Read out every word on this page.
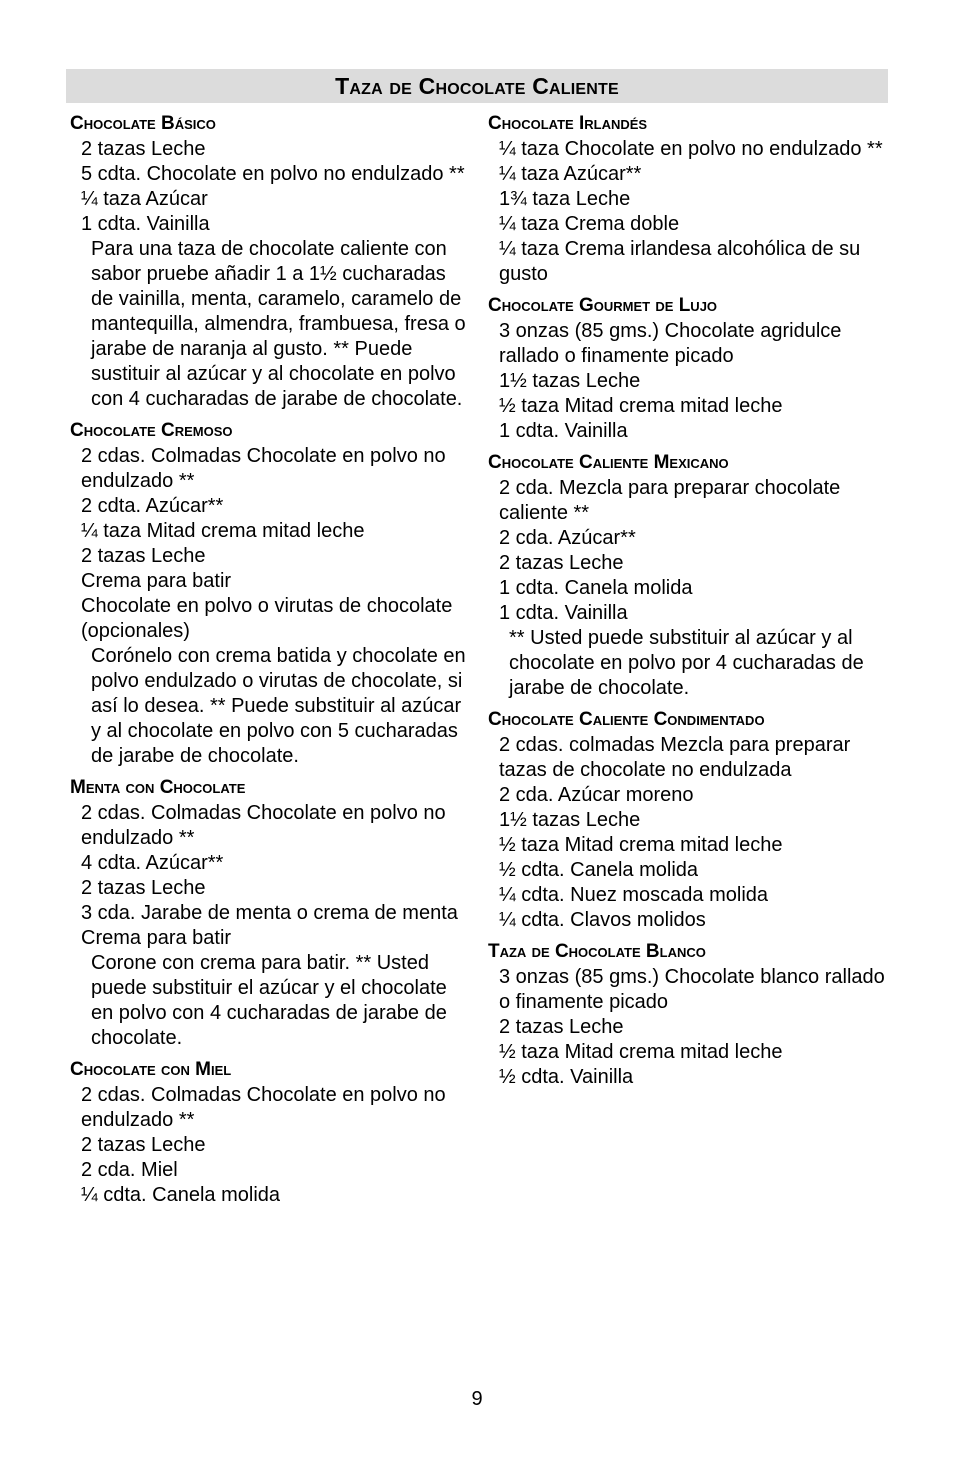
Taza de Chocolate Caliente
Chocolate Básico
2 tazas Leche
5 cdta. Chocolate en polvo no endulzado **
¼ taza Azúcar
1 cdta. Vainilla

Para una taza de chocolate caliente con sabor pruebe añadir 1 a 1½ cucharadas de vainilla, menta, caramelo, caramelo de mantequilla, almendra, frambuesa, fresa o jarabe de naranja al gusto. ** Puede sustituir al azúcar y al chocolate en polvo con 4 cucharadas de jarabe de chocolate.

Chocolate Cremoso
2 cdas. Colmadas Chocolate en polvo no endulzado **
2 cdta. Azúcar**
¼ taza Mitad crema mitad leche
2 tazas Leche
Crema para batir
Chocolate en polvo o virutas de chocolate (opcionales)

Corónelo con crema batida y chocolate en polvo endulzado o virutas de chocolate, si así lo desea. ** Puede substituir al azúcar y al chocolate en polvo con 5 cucharadas de jarabe de chocolate.

Menta con Chocolate
2 cdas. Colmadas Chocolate en polvo no endulzado **
4 cdta. Azúcar**
2 tazas Leche
3 cda. Jarabe de menta o crema de menta
Crema para batir

Corone con crema para batir. ** Usted puede substituir el azúcar y el chocolate en polvo con 4 cucharadas de jarabe de chocolate.

Chocolate con Miel
2 cdas. Colmadas Chocolate en polvo no endulzado **
2 tazas Leche
2 cda. Miel
¼ cdta. Canela molida
Chocolate Irlandés
¼ taza Chocolate en polvo no endulzado **
¼ taza Azúcar**
1¾ taza Leche
¼ taza Crema doble
¼ taza Crema irlandesa alcohólica de su gusto
Chocolate Gourmet de Lujo
3 onzas (85 gms.) Chocolate agridulce rallado o finamente picado
1½ tazas Leche
½ taza Mitad crema mitad leche
1 cdta. Vainilla
Chocolate Caliente Mexicano
2 cda. Mezcla para preparar chocolate caliente **
2 cda. Azúcar**
2 tazas Leche
1 cdta. Canela molida
1 cdta. Vainilla

** Usted puede substituir al azúcar y al chocolate en polvo por 4 cucharadas de jarabe de chocolate.

Chocolate Caliente Condimentado
2 cdas. colmadas Mezcla para preparar tazas de chocolate no endulzada
2 cda. Azúcar moreno
1½ tazas Leche
½ taza Mitad crema mitad leche
½ cdta. Canela molida
¼ cdta. Nuez moscada molida
¼ cdta. Clavos molidos
Taza de Chocolate Blanco
3 onzas (85 gms.) Chocolate blanco rallado o finamente picado
2 tazas Leche
½ taza Mitad crema mitad leche
½ cdta. Vainilla
9
